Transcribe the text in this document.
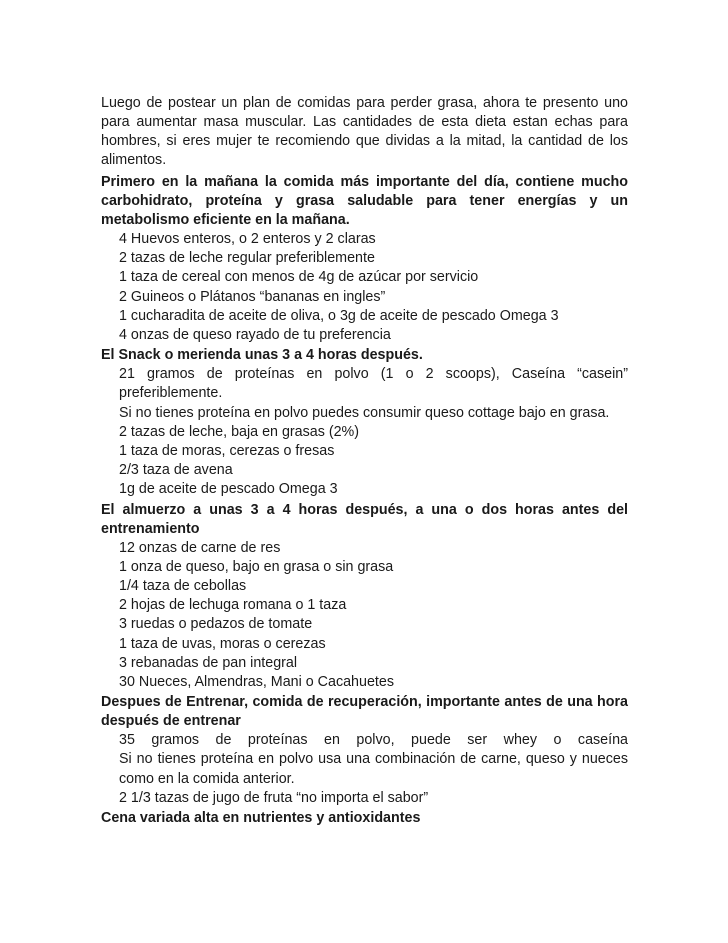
Luego de postear un plan de comidas para perder grasa, ahora te presento uno para aumentar masa muscular. Las cantidades de esta dieta estan echas para hombres, si eres mujer te recomiendo que dividas a la mitad, la cantidad de los alimentos.

Primero en la mañana la comida más importante del día, contiene mucho carbohidrato, proteína y grasa saludable para tener energías y un metabolismo eficiente en la mañana.

4 Huevos enteros, o 2 enteros y 2 claras

2 tazas de leche regular preferiblemente

1 taza de cereal con menos de 4g de azúcar por servicio

2 Guineos o Plátanos “bananas en ingles”

1 cucharadita de aceite de oliva, o 3g de aceite de pescado Omega 3

4 onzas de queso rayado de tu preferencia

El Snack o merienda unas 3 a 4 horas después.

21 gramos de proteínas en polvo (1 o 2 scoops), Caseína “casein” preferiblemente.

Si no tienes proteína en polvo puedes consumir queso cottage bajo en grasa.

2 tazas de leche, baja en grasas (2%)

1 taza de moras, cerezas o fresas

2/3 taza de avena

1g de aceite de pescado Omega 3

El almuerzo a unas 3 a 4 horas después, a una o dos horas antes del entrenamiento

12 onzas de carne de res

1 onza de queso, bajo en grasa o sin grasa

1/4 taza de cebollas

2 hojas de lechuga romana o 1 taza

3 ruedas o pedazos de tomate

1 taza de uvas, moras o cerezas

3 rebanadas de pan integral

30 Nueces, Almendras, Mani o Cacahuetes

Despues de Entrenar, comida de recuperación, importante antes de una hora después de entrenar

35 gramos de proteínas en polvo, puede ser whey o caseína

Si no tienes proteína en polvo usa una combinación de carne, queso y nueces como en la comida anterior.

2 1/3 tazas de jugo de fruta “no importa el sabor”

Cena variada alta en nutrientes y antioxidantes
